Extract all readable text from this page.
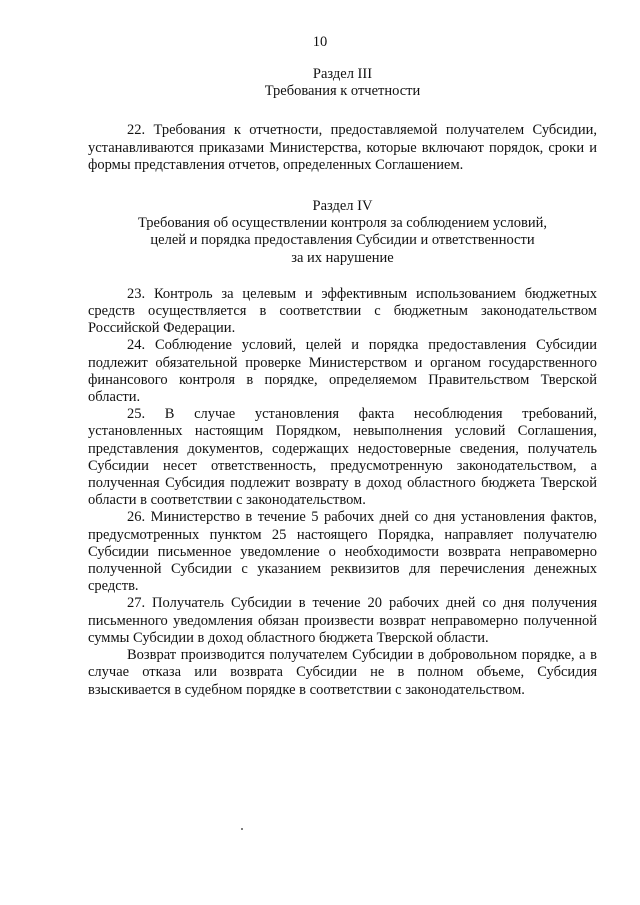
10

Раздел III

Требования к отчетности

22. Требования к отчетности, предоставляемой получателем Субсидии, устанавливаются приказами Министерства, которые включают порядок, сроки и формы представления отчетов, определенных Соглашением.

Раздел IV

Требования об осуществлении контроля за соблюдением условий,

целей и порядка предоставления Субсидии и ответственности

за их нарушение

23. Контроль за целевым и эффективным использованием бюджетных средств осуществляется в соответствии с бюджетным законодательством Российской Федерации.

24. Соблюдение условий, целей и порядка предоставления Субсидии подлежит обязательной проверке Министерством и органом государственного финансового контроля в порядке, определяемом Правительством Тверской области.

25. В случае установления факта несоблюдения требований, установленных настоящим Порядком, невыполнения условий Соглашения, представления документов, содержащих недостоверные сведения, получатель Субсидии несет ответственность, предусмотренную законодательством, а полученная Субсидия подлежит возврату в доход областного бюджета Тверской области в соответствии с законодательством.

26. Министерство в течение 5 рабочих дней со дня установления фактов, предусмотренных пунктом 25 настоящего Порядка, направляет получателю Субсидии письменное уведомление о необходимости возврата неправомерно полученной Субсидии с указанием реквизитов для перечисления денежных средств.

27. Получатель Субсидии в течение 20 рабочих дней со дня получения письменного уведомления обязан произвести возврат неправомерно полученной суммы Субсидии в доход областного бюджета Тверской области.

Возврат производится получателем Субсидии в добровольном порядке, а в случае отказа или возврата Субсидии не в полном объеме, Субсидия взыскивается в судебном порядке в соответствии с законодательством.
